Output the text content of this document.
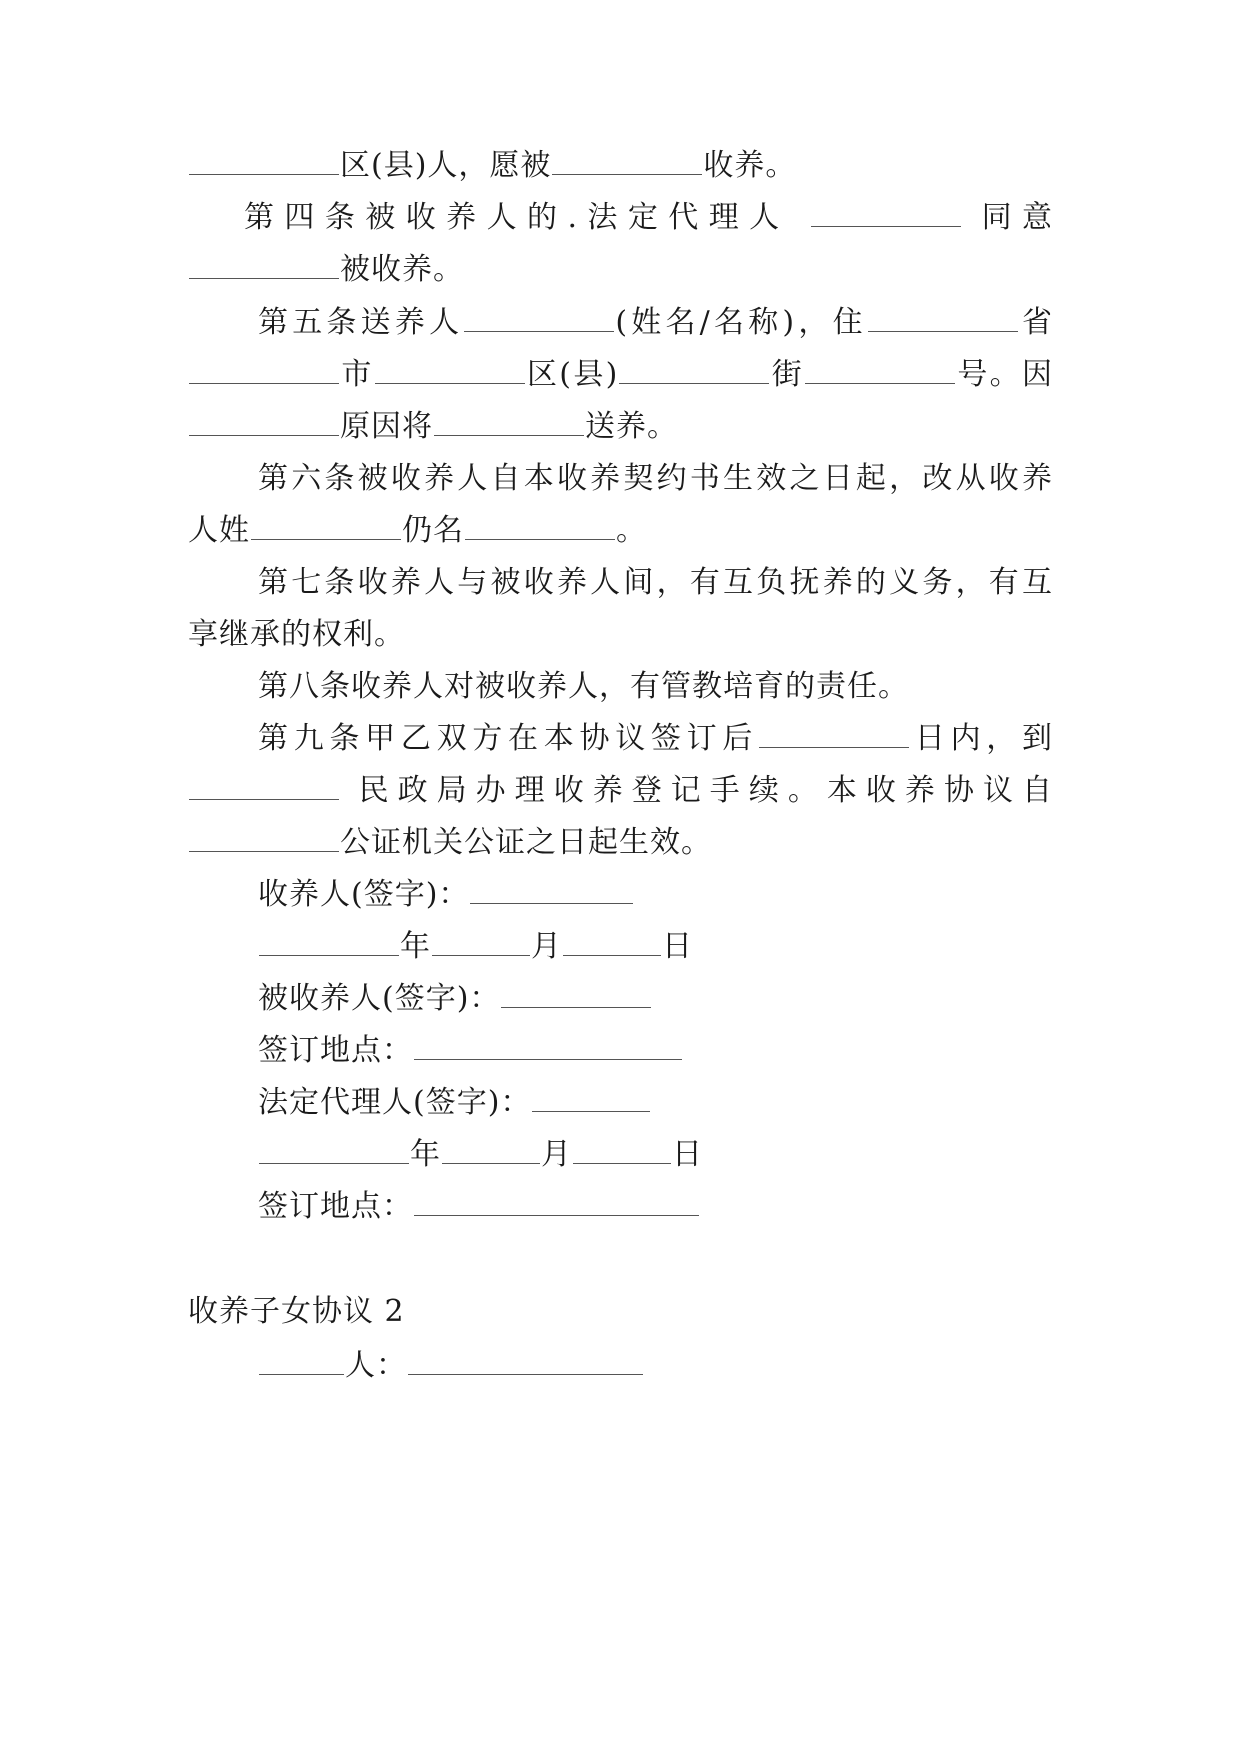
区(县)人，愿被	收养。
第四条被收养人的.法定代理人	同意
被收养。
第五条送养人	(姓名/名称)，住	省
市	区(县)	街	号。因
原因将	送养。
第六条被收养人自本收养契约书生效之日起，改从收养
人姓	仍名	。
第七条收养人与被收养人间，有互负抚养的义务，有互
享继承的权利。
第八条收养人对被收养人，有管教培育的责任。
第九条甲乙双方在本协议签订后	日内，到
民政局办理收养登记手续。本收养协议自
公证机关公证之日起生效。
收养人(签字)：
年	月	日
被收养人(签字)：
签订地点：
法定代理人(签字)：
年	月	日
签订地点：
收养子女协议 2
人：
